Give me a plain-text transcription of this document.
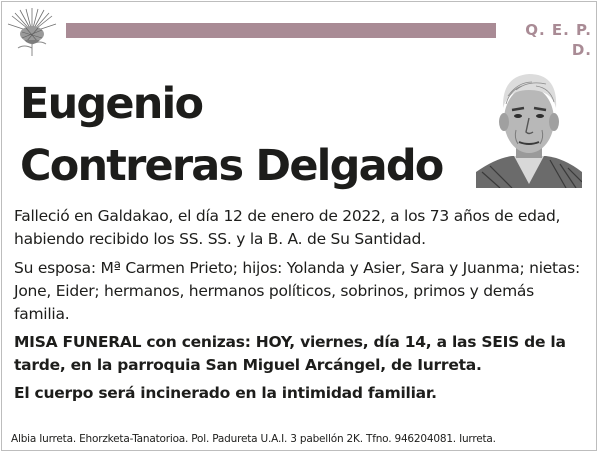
Q. E. P. D.
Eugenio
Contreras Delgado

Falleció en Galdakao, el día 12 de enero de 2022, a los 73 años de edad, habiendo recibido los SS. SS. y la B. A. de Su Santidad.

Su esposa: Mª Carmen Prieto; hijos: Yolanda y Asier, Sara y Juanma; nietas: Jone, Eider; hermanos, hermanos políticos, sobrinos, primos y demás familia.

MISA FUNERAL con cenizas: HOY, viernes, día 14, a las SEIS de la tarde, en la parroquia San Miguel Arcángel, de Iurreta.

El cuerpo será incinerado en la intimidad familiar.

Albia Iurreta. Ehorzketa-Tanatorioa. Pol. Padureta U.A.I. 3 pabellón 2K. Tfno. 946204081. Iurreta.
